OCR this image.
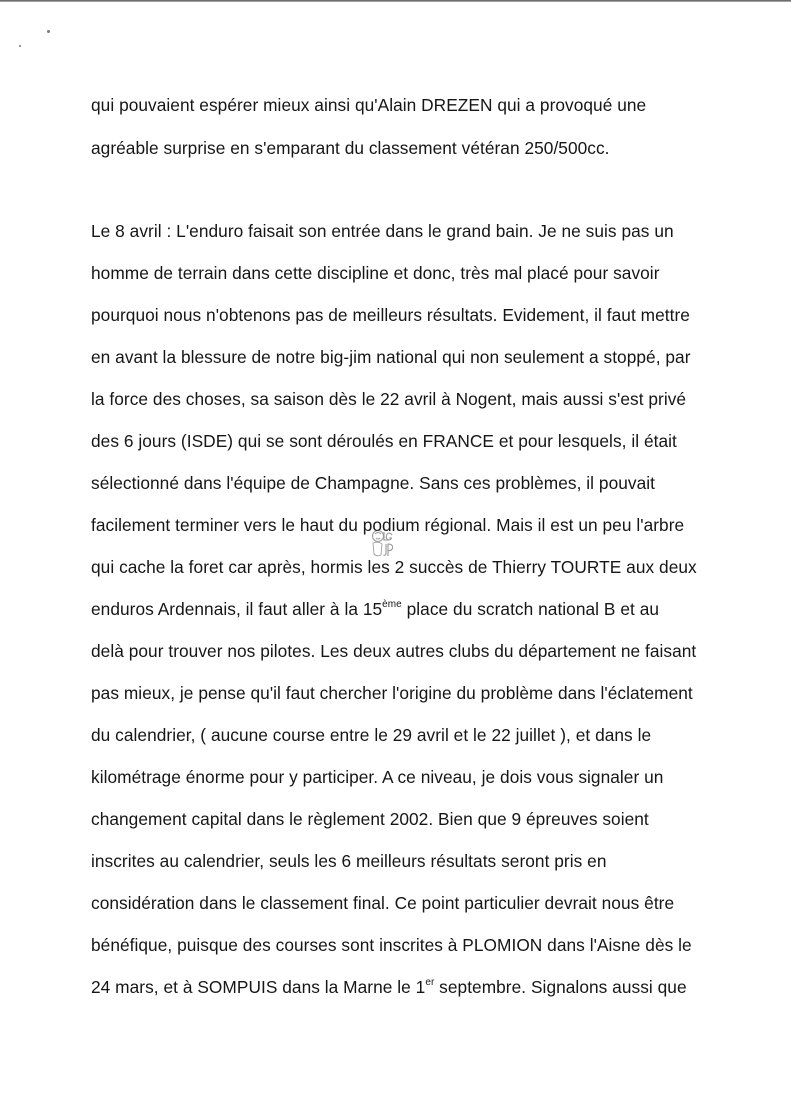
qui pouvaient espérer mieux ainsi qu'Alain DREZEN qui a provoqué une
agréable surprise en s'emparant du classement vétéran 250/500cc.
Le 8 avril : L'enduro faisait son entrée dans le grand bain. Je ne suis pas un
homme de terrain dans cette discipline et donc, très mal placé pour savoir
pourquoi nous n'obtenons pas de meilleurs résultats. Evidement, il faut mettre
en avant la blessure de notre big-jim national qui non seulement a stoppé, par
la force des choses, sa saison dès le 22 avril à Nogent, mais aussi s'est privé
des 6 jours (ISDE) qui se sont déroulés en FRANCE et pour lesquels, il était
sélectionné dans l'équipe de Champagne. Sans ces problèmes, il pouvait
facilement terminer vers le haut du podium régional. Mais il est un peu l'arbre
qui cache la foret car après, hormis les 2 succès de Thierry TOURTE aux deux
enduros Ardennais, il faut aller à la 15ème place du scratch national B et au
delà pour trouver nos pilotes. Les deux autres clubs du département ne faisant
pas mieux, je pense qu'il faut chercher l'origine du problème dans l'éclatement
du calendrier, ( aucune course entre le 29 avril et le 22 juillet ), et dans le
kilométrage énorme pour y participer. A ce niveau, je dois vous signaler un
changement capital dans le règlement 2002. Bien que 9 épreuves soient
inscrites au calendrier, seuls les 6 meilleurs résultats seront pris en
considération dans le classement final. Ce point particulier devrait nous être
bénéfique, puisque des courses sont inscrites à PLOMION dans l'Aisne dès le
24 mars, et à SOMPUIS dans la Marne le 1er septembre. Signalons aussi que
